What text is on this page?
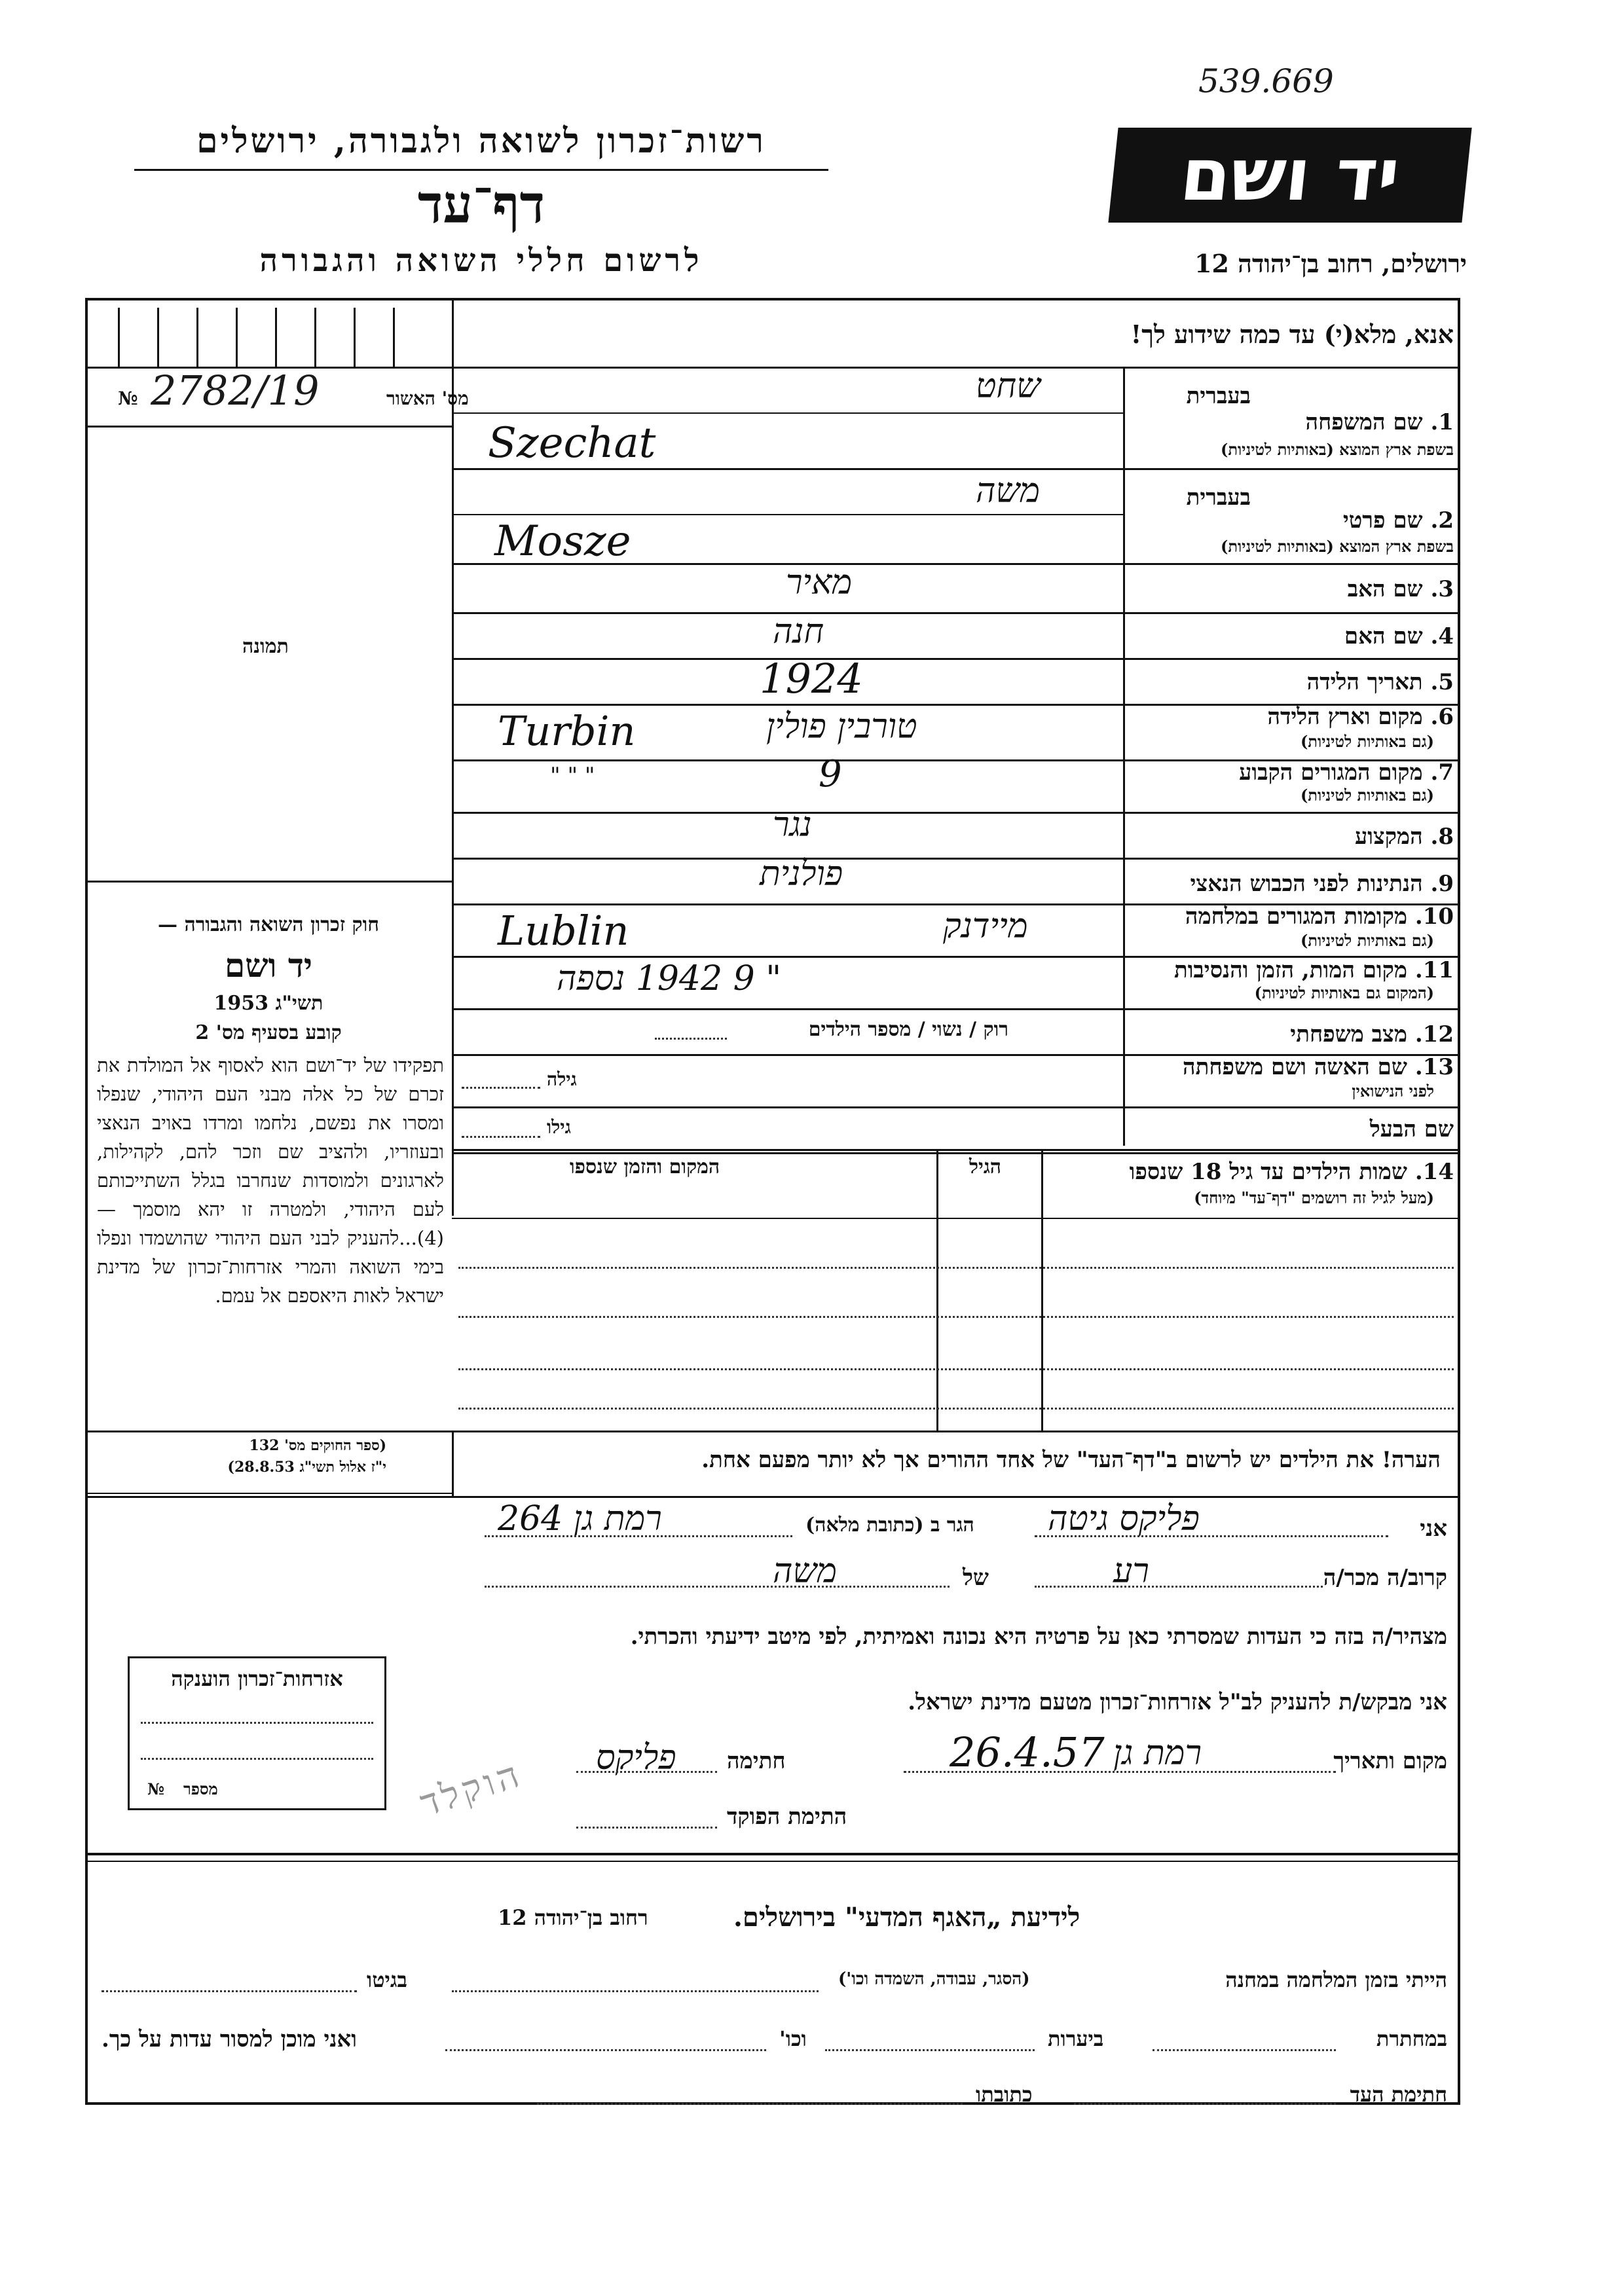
539.669
רשות־זכרון לשואה ולגבורה, ירושלים
דף־עד
לרשום חללי השואה והגבורה
יד ושם
ירושלים, רחוב בן־יהודה 12
אנא, מלא(י) עד כמה שידוע לך!
מס' האשור
№ 2782/19
תמונה
בעברית
1. שם המשפחה
בשפת ארץ המוצא (באותיות לטיניות)
שחט
Szechat
בעברית
2. שם פרטי
בשפת ארץ המוצא (באותיות לטיניות)
משה
Mosze
3. שם האב
מאיר
4. שם האם
חנה
5. תאריך הלידה
1924
6. מקום וארץ הלידה
(גם באותיות לטיניות)
Turbin	טורבין פולין
7. מקום המגורים הקבוע
(גם באותיות לטיניות)
" " "	9
8. המקצוע
נגר
9. הנתינות לפני הכבוש הנאצי
פולנית
10. מקומות המגורים במלחמה
(גם באותיות לטיניות)
Lublin	מיידנק
11. מקום המות, הזמן והנסיבות
(המקום גם באותיות לטיניות)
" 9 1942 נספה
12. מצב משפחתי
רוק / נשוי / מספר הילדים
13. שם האשה ושם משפחתה
לפני הנישואין
גילה
שם הבעל
גילו
14. שמות הילדים עד גיל 18 שנספו
(מעל לגיל זה רושמים "דף־עד" מיוחד)
הגיל
המקום והזמן שנספו
חוק זכרון השואה והגבורה —
יד ושם
תשי"ג 1953
קובע בסעיף מס' 2
תפקידו של יד־ושם הוא לאסוף אל המולדת את זכרם של כל אלה מבני העם היהודי, שנפלו ומסרו את נפשם, נלחמו ומרדו באויב הנאצי ובעוזריו, ולהציב שם וזכר להם, לקהילות, לארגונים ולמוסדות שנחרבו בגלל השתייכותם לעם היהודי, ולמטרה זו יהא מוסמך — (4)...להעניק לבני העם היהודי שהושמדו ונפלו בימי השואה והמרי אזרחות־זכרון של מדינת ישראל לאות היאספם אל עמם.
(ספר החוקים מס' 132
י"ז אלול תשי"ג 28.8.53)	הערה! את הילדים יש לרשום ב"דף־העד" של אחד ההורים אך לא יותר מפעם אחת.
אני
פליקס גיטה
הגר ב (כתובת מלאה)
רמת גן 264
קרוב/ה מכר/ה
רע
של
משה
מצהיר/ה בזה כי העדות שמסרתי כאן על פרטיה היא נכונה ואמיתית, לפי מיטב ידיעתי והכרתי.
אני מבקש/ת להעניק לב"ל אזרחות־זכרון מטעם מדינת ישראל.
מקום ותאריך
רמת גן
26.4.57
חתימה
פליקס
התימת הפוקד
אזרחות־זכרון הוענקה
№ מספר	הוקלד
לידיעת „האגף המדעי" בירושלים.
רחוב בן־יהודה 12
הייתי בזמן המלחמה במחנה
(הסגר, עבודה, השמדה וכו')
בגיטו
במחתרת
ביערות
וכו'
ואני מוכן למסור עדות על כך.
חתימת העד
כתובתו
